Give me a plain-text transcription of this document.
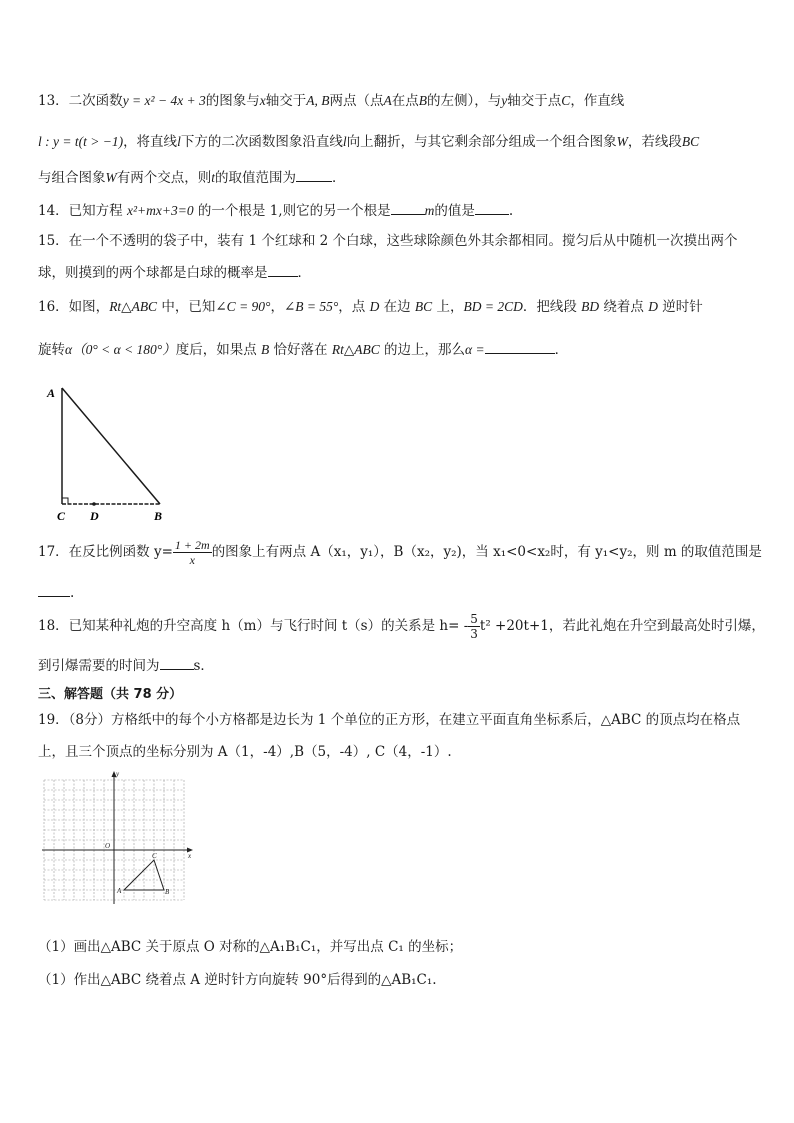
13．二次函数y = x² − 4x + 3的图象与x轴交于A, B两点（点A在点B的左侧），与y轴交于点C，作直线
l : y = t(t > −1)，将直线l下方的二次函数图象沿直线l向上翻折，与其它剩余部分组成一个组合图象W，若线段BC
与组合图象W有两个交点，则t的取值范围为	．
14．已知方程 x²+mx+3=0 的一个根是 1,则它的另一个根是	m的值是	.
15．在一个不透明的袋子中，装有 1 个红球和 2 个白球，这些球除颜色外其余都相同。搅匀后从中随机一次摸出两个
球，则摸到的两个球都是白球的概率是 ．
16．如图，Rt△ABC 中，已知∠C = 90°，∠B = 55°，点 D 在边 BC 上，BD = 2CD．把线段 BD 绕着点 D 逆时针
旋转α（0° < α < 180°）度后，如果点 B 恰好落在 Rt△ABC 的边上，那么α =	．
A
C D	B
17．在反比例函数 $y= \frac{1 + 2m}{x}$ 的图象上有两点 A（x₁，y₁），B（x₂，y₂)，当 x₁<0<x₂时，有 y₁<y₂，则 m 的取值范围是
.
18．已知某种礼炮的升空高度 h（m）与飞行时间 t（s）的关系是 $h= - \frac{5}{3} t^2 +20t+1$，若此礼炮在升空到最高处时引爆，
到引爆需要的时间为	s．
三、解答题（共 78 分）
19．（8分）方格纸中的每个小方格都是边长为 1 个单位的正方形，在建立平面直角坐标系后，△ABC 的顶点均在格点
上，且三个顶点的坐标分别为 A（1，-4）,B（5，-4）, C（4，-1）.
O
x
y
A	B
C
（1）画出△ABC 关于原点 O 对称的△A₁B₁C₁，并写出点 C₁ 的坐标；
（1）作出△ABC 绕着点 A 逆时针方向旋转 90°后得到的△AB₁C₁.
